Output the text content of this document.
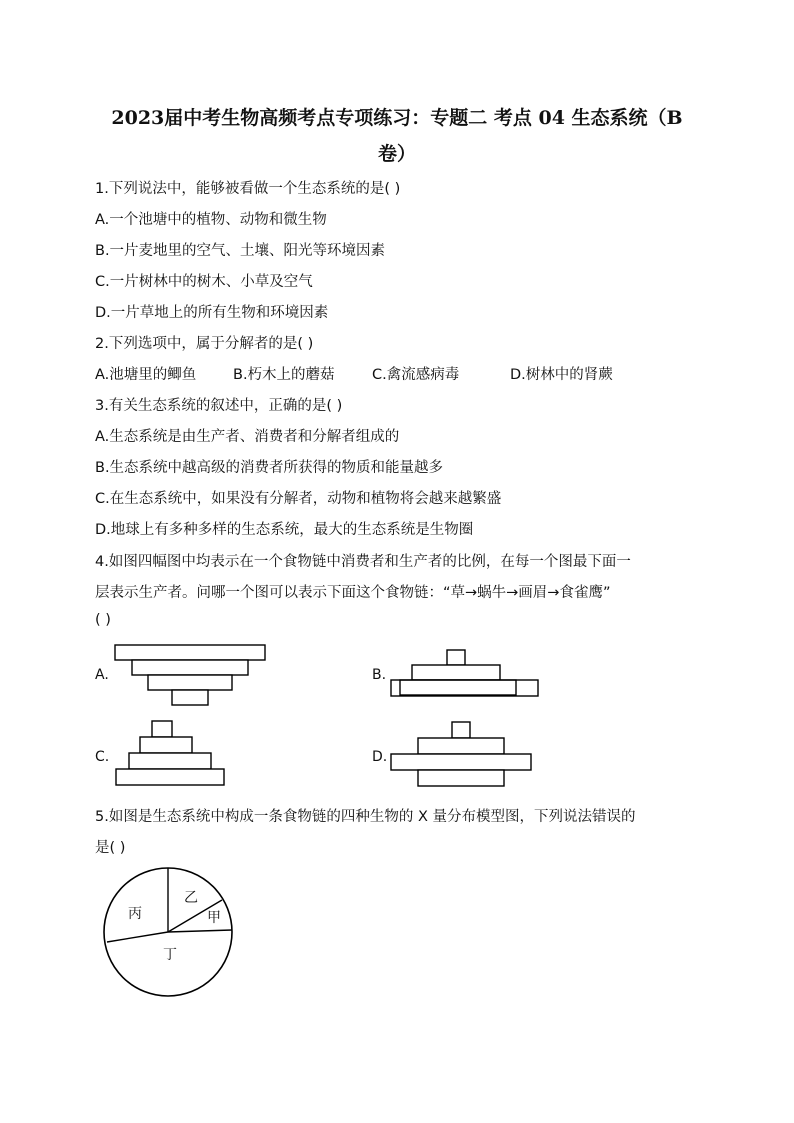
2023届中考生物高频考点专项练习：专题二 考点 04 生态系统（B
卷）
1.下列说法中，能够被看做一个生态系统的是( )
A.一个池塘中的植物、动物和微生物
B.一片麦地里的空气、土壤、阳光等环境因素
C.一片树林中的树木、小草及空气
D.一片草地上的所有生物和环境因素
2.下列选项中，属于分解者的是( )
A.池塘里的鲫鱼	B.朽木上的蘑菇	C.禽流感病毒	D.树林中的肾蕨
3.有关生态系统的叙述中，正确的是( )
A.生态系统是由生产者、消费者和分解者组成的
B.生态系统中越高级的消费者所获得的物质和能量越多
C.在生态系统中，如果没有分解者，动物和植物将会越来越繁盛
D.地球上有多种多样的生态系统，最大的生态系统是生物圈
4.如图四幅图中均表示在一个食物链中消费者和生产者的比例，在每一个图最下面一
层表示生产者。问哪一个图可以表示下面这个食物链：“草→蜗牛→画眉→食雀鹰”
( )
A.	B.
C.	D.
5.如图是生态系统中构成一条食物链的四种生物的 X 量分布模型图，下列说法错误的
是( )
丙
乙
甲
丁
